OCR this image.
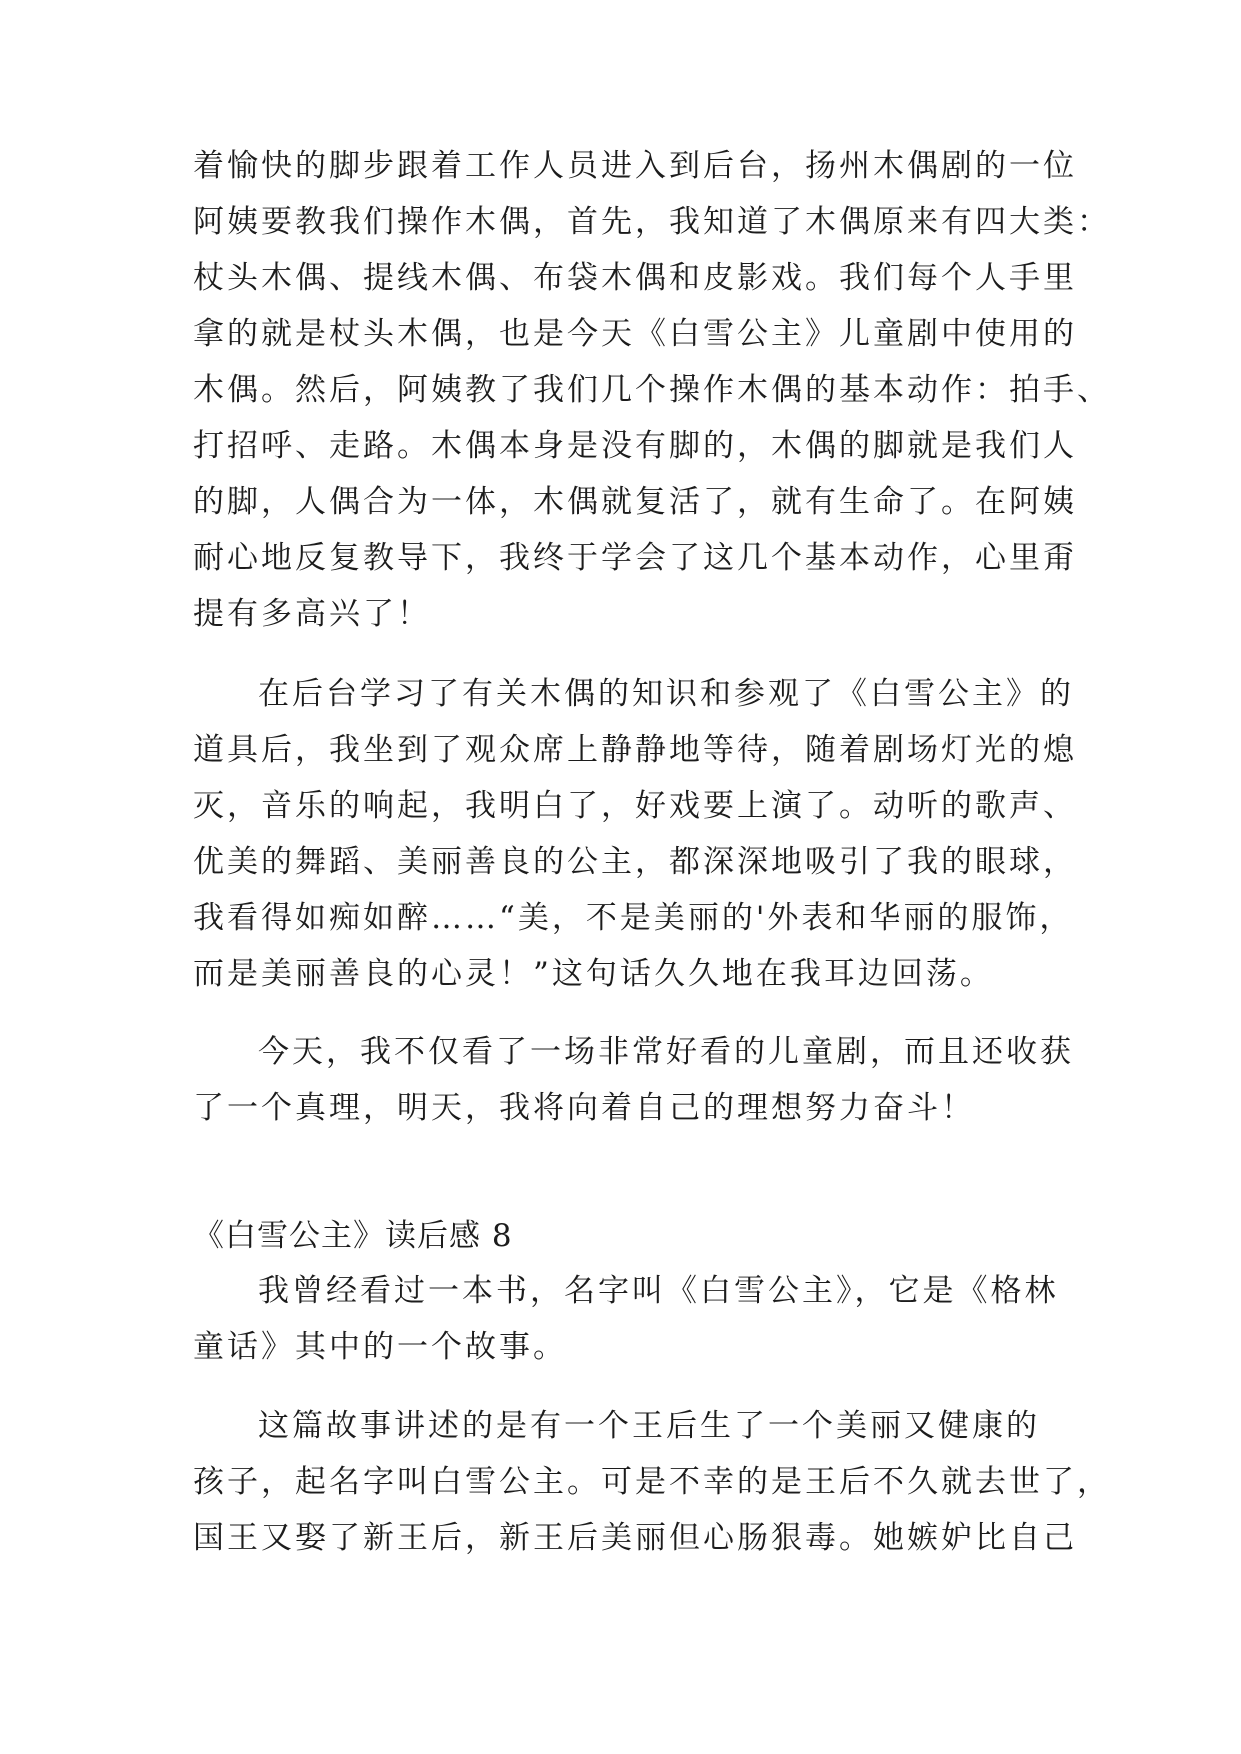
着愉快的脚步跟着工作人员进入到后台，扬州木偶剧的一位
阿姨要教我们操作木偶，首先，我知道了木偶原来有四大类：
杖头木偶、提线木偶、布袋木偶和皮影戏。我们每个人手里
拿的就是杖头木偶，也是今天《白雪公主》儿童剧中使用的
木偶。然后，阿姨教了我们几个操作木偶的基本动作：拍手、
打招呼、走路。木偶本身是没有脚的，木偶的脚就是我们人
的脚，人偶合为一体，木偶就复活了，就有生命了。在阿姨
耐心地反复教导下，我终于学会了这几个基本动作，心里甭
提有多高兴了！
在后台学习了有关木偶的知识和参观了《白雪公主》的
道具后，我坐到了观众席上静静地等待，随着剧场灯光的熄
灭，音乐的响起，我明白了，好戏要上演了。动听的歌声、
优美的舞蹈、美丽善良的公主，都深深地吸引了我的眼球，
我看得如痴如醉……“美，不是美丽的'外表和华丽的服饰，
而是美丽善良的心灵！”这句话久久地在我耳边回荡。
今天，我不仅看了一场非常好看的儿童剧，而且还收获
了一个真理，明天，我将向着自己的理想努力奋斗！
《白雪公主》读后感 8
我曾经看过一本书，名字叫《白雪公主》，它是《格林
童话》其中的一个故事。
这篇故事讲述的是有一个王后生了一个美丽又健康的
孩子，起名字叫白雪公主。可是不幸的是王后不久就去世了，
国王又娶了新王后，新王后美丽但心肠狠毒。她嫉妒比自己
